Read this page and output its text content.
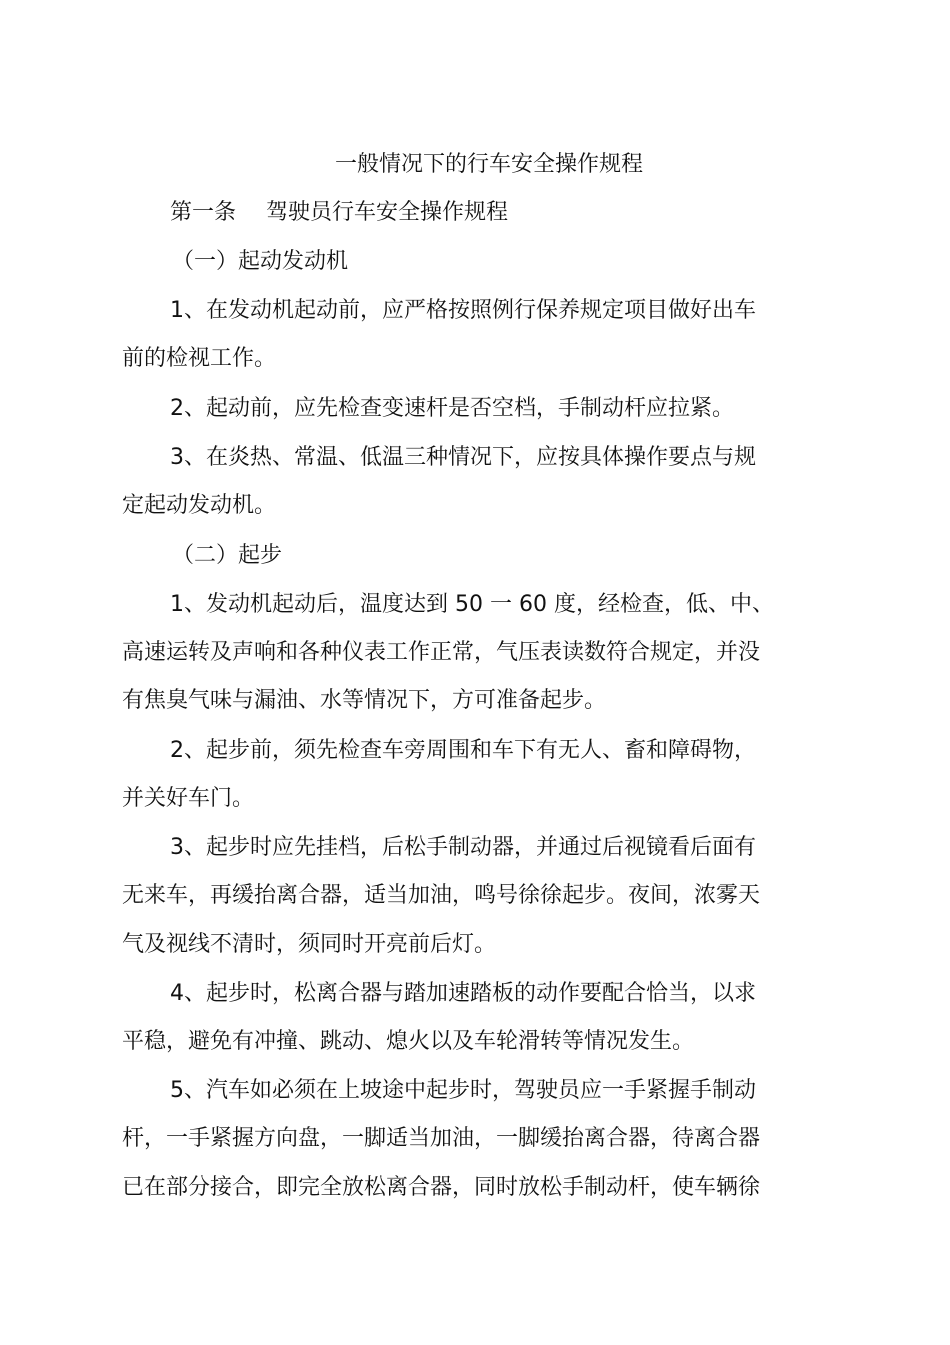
一般情况下的行车安全操作规程
第一条 驾驶员行车安全操作规程
（一）起动发动机
1、在发动机起动前，应严格按照例行保养规定项目做好出车
前的检视工作。
2、起动前，应先检查变速杆是否空档，手制动杆应拉紧。
3、在炎热、常温、低温三种情况下，应按具体操作要点与规
定起动发动机。
（二）起步
1、发动机起动后，温度达到 50 一 60 度，经检查，低、中、
高速运转及声响和各种仪表工作正常，气压表读数符合规定，并没
有焦臭气味与漏油、水等情况下，方可准备起步。
2、起步前，须先检查车旁周围和车下有无人、畜和障碍物，
并关好车门。
3、起步时应先挂档，后松手制动器，并通过后视镜看后面有
无来车，再缓抬离合器，适当加油，鸣号徐徐起步。夜间，浓雾天
气及视线不清时，须同时开亮前后灯。
4、起步时，松离合器与踏加速踏板的动作要配合恰当，以求
平稳，避免有冲撞、跳动、熄火以及车轮滑转等情况发生。
5、汽车如必须在上坡途中起步时，驾驶员应一手紧握手制动
杆，一手紧握方向盘，一脚适当加油，一脚缓抬离合器，待离合器
已在部分接合，即完全放松离合器，同时放松手制动杆，使车辆徐
